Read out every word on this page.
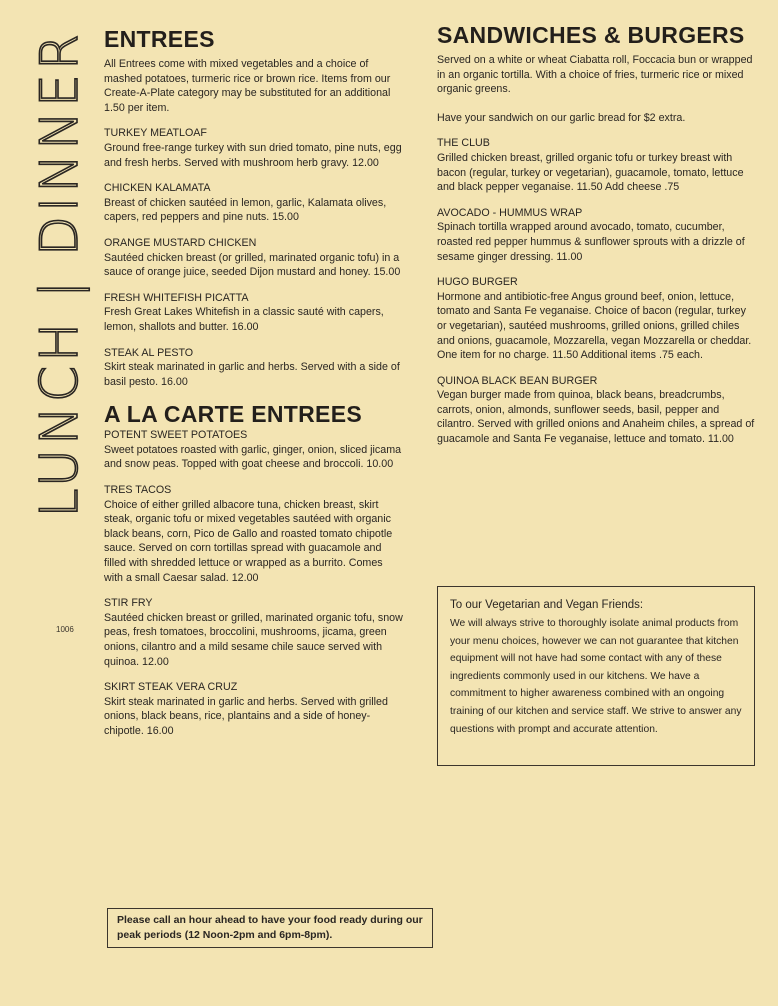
LUNCH | DINNER
1006
ENTREES

All Entrees come with mixed vegetables and a choice of mashed potatoes, turmeric rice or brown rice. Items from our Create-A-Plate category may be substituted for an additional 1.50 per item.

TURKEY MEATLOAF

Ground free-range turkey with sun dried tomato, pine nuts, egg and fresh herbs. Served with mushroom herb gravy. 12.00

CHICKEN KALAMATA

Breast of chicken sautéed in lemon, garlic, Kalamata olives, capers, red peppers and pine nuts. 15.00

ORANGE MUSTARD CHICKEN

Sautéed chicken breast (or grilled, marinated organic tofu) in a sauce of orange juice, seeded Dijon mustard and honey. 15.00

FRESH WHITEFISH PICATTA

Fresh Great Lakes Whitefish in a classic sauté with capers, lemon, shallots and butter. 16.00

STEAK AL PESTO

Skirt steak marinated in garlic and herbs. Served with a side of basil pesto. 16.00

A LA CARTE ENTREES
POTENT SWEET POTATOES

Sweet potatoes roasted with garlic, ginger, onion, sliced jicama and snow peas. Topped with goat cheese and broccoli. 10.00

TRES TACOS

Choice of either grilled albacore tuna, chicken breast, skirt steak, organic tofu or mixed vegetables sautéed with organic black beans, corn, Pico de Gallo and roasted tomato chipotle sauce. Served on corn tortillas spread with guacamole and filled with shredded lettuce or wrapped as a burrito. Comes with a small Caesar salad. 12.00

STIR FRY

Sautéed chicken breast or grilled, marinated organic tofu, snow peas, fresh tomatoes, broccolini, mushrooms, jicama, green onions, cilantro and a mild sesame chile sauce served with quinoa. 12.00

SKIRT STEAK VERA CRUZ

Skirt steak marinated in garlic and herbs. Served with grilled onions, black beans, rice, plantains and a side of honey-chipotle. 16.00

SANDWICHES & BURGERS

Served on a white or wheat Ciabatta roll, Foccacia bun or wrapped in an organic tortilla. With a choice of fries, turmeric rice or mixed organic greens.

Have your sandwich on our garlic bread for $2 extra.

THE CLUB

Grilled chicken breast, grilled organic tofu or turkey breast with bacon (regular, turkey or vegetarian), guacamole, tomato, lettuce and black pepper veganaise. 11.50 Add cheese .75

AVOCADO - HUMMUS WRAP

Spinach tortilla wrapped around avocado, tomato, cucumber, roasted red pepper hummus & sunflower sprouts with a drizzle of sesame ginger dressing. 11.00

HUGO BURGER

Hormone and antibiotic-free Angus ground beef, onion, lettuce, tomato and Santa Fe veganaise. Choice of bacon (regular, turkey or vegetarian), sautéed mushrooms, grilled onions, grilled chiles and onions, guacamole, Mozzarella, vegan Mozzarella or cheddar. One item for no charge. 11.50 Additional items .75 each.

QUINOA BLACK BEAN BURGER

Vegan burger made from quinoa, black beans, breadcrumbs, carrots, onion, almonds, sunflower seeds, basil, pepper and cilantro. Served with grilled onions and Anaheim chiles, a spread of guacamole and Santa Fe veganaise, lettuce and tomato. 11.00

To our Vegetarian and Vegan Friends:
We will always strive to thoroughly isolate animal products from your menu choices, however we can not guarantee that kitchen equipment will not have had some contact with any of these ingredients commonly used in our kitchens. We have a commitment to higher awareness combined with an ongoing training of our kitchen and service staff. We strive to answer any questions with prompt and accurate attention.
Please call an hour ahead to have your food ready during our peak periods (12 Noon-2pm and 6pm-8pm).
